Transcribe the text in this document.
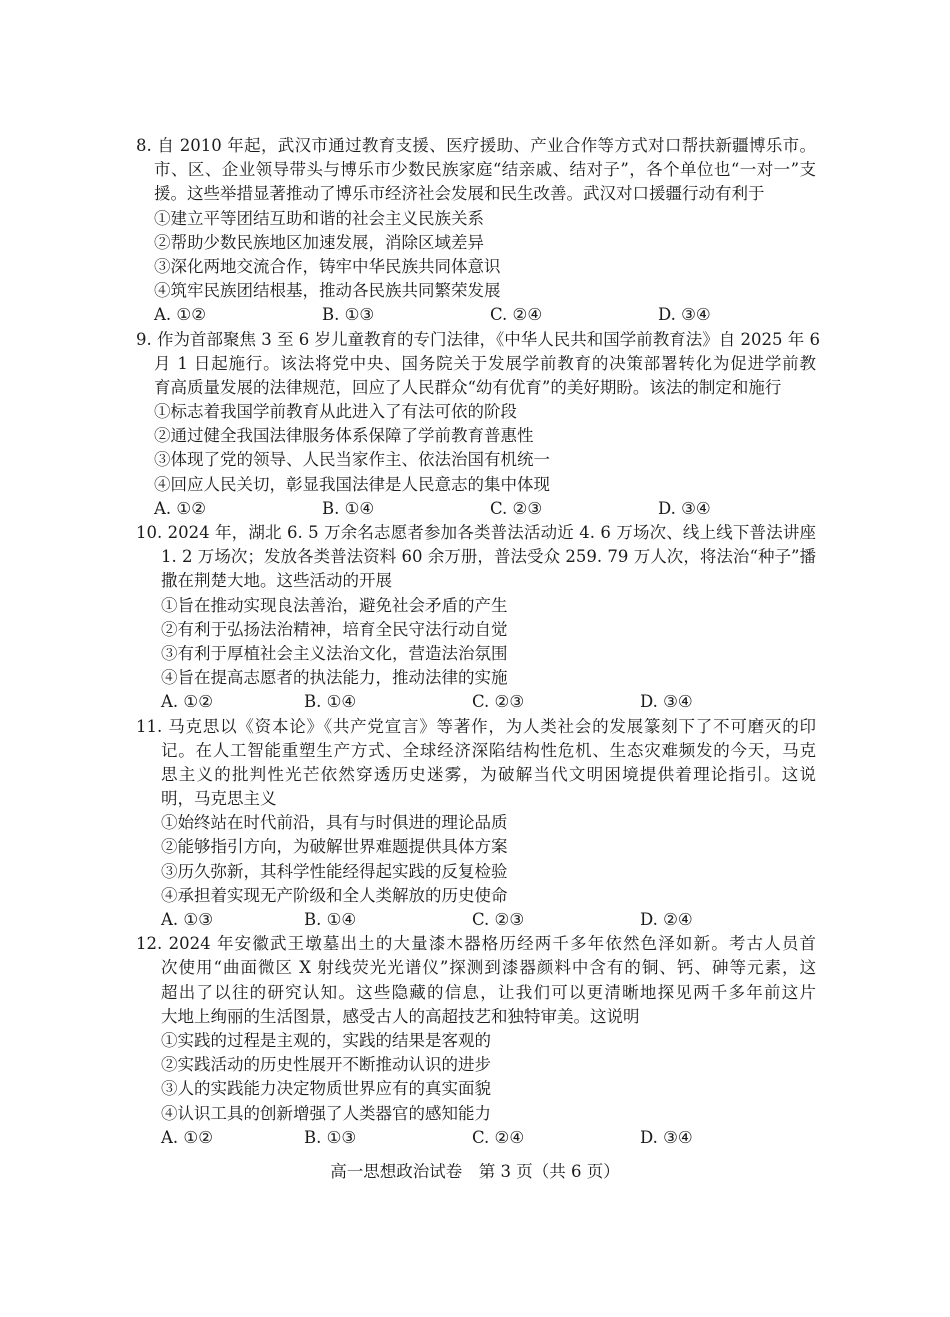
8. 自 2010 年起，武汉市通过教育支援、医疗援助、产业合作等方式对口帮扶新疆博乐市。
市、区、企业领导带头与博乐市少数民族家庭“结亲戚、结对子”，各个单位也“一对一”支
援。这些举措显著推动了博乐市经济社会发展和民生改善。武汉对口援疆行动有利于
①建立平等团结互助和谐的社会主义民族关系
②帮助少数民族地区加速发展，消除区域差异
③深化两地交流合作，铸牢中华民族共同体意识
④筑牢民族团结根基，推动各民族共同繁荣发展
A. ①②	B. ①③	C. ②④	D. ③④
9. 作为首部聚焦 3 至 6 岁儿童教育的专门法律，《中华人民共和国学前教育法》自 2025 年 6
月 1 日起施行。该法将党中央、国务院关于发展学前教育的决策部署转化为促进学前教
育高质量发展的法律规范，回应了人民群众“幼有优育”的美好期盼。该法的制定和施行
①标志着我国学前教育从此进入了有法可依的阶段
②通过健全我国法律服务体系保障了学前教育普惠性
③体现了党的领导、人民当家作主、依法治国有机统一
④回应人民关切，彰显我国法律是人民意志的集中体现
A. ①②	B. ①④	C. ②③	D. ③④
10. 2024 年，湖北 6. 5 万余名志愿者参加各类普法活动近 4. 6 万场次、线上线下普法讲座
1. 2 万场次；发放各类普法资料 60 余万册，普法受众 259. 79 万人次，将法治“种子”播
撒在荆楚大地。这些活动的开展
①旨在推动实现良法善治，避免社会矛盾的产生
②有利于弘扬法治精神，培育全民守法行动自觉
③有利于厚植社会主义法治文化，营造法治氛围
④旨在提高志愿者的执法能力，推动法律的实施
A. ①②	B. ①④	C. ②③	D. ③④
11. 马克思以《资本论》《共产党宣言》等著作，为人类社会的发展篆刻下了不可磨灭的印
记。在人工智能重塑生产方式、全球经济深陷结构性危机、生态灾难频发的今天，马克
思主义的批判性光芒依然穿透历史迷雾，为破解当代文明困境提供着理论指引。这说
明，马克思主义
①始终站在时代前沿，具有与时俱进的理论品质
②能够指引方向，为破解世界难题提供具体方案
③历久弥新，其科学性能经得起实践的反复检验
④承担着实现无产阶级和全人类解放的历史使命
A. ①③	B. ①④	C. ②③	D. ②④
12. 2024 年安徽武王墩墓出土的大量漆木器格历经两千多年依然色泽如新。考古人员首
次使用“曲面微区 X 射线荧光光谱仪”探测到漆器颜料中含有的铜、钙、砷等元素，这
超出了以往的研究认知。这些隐藏的信息，让我们可以更清晰地探见两千多年前这片
大地上绚丽的生活图景，感受古人的高超技艺和独特审美。这说明
①实践的过程是主观的，实践的结果是客观的
②实践活动的历史性展开不断推动认识的进步
③人的实践能力决定物质世界应有的真实面貌
④认识工具的创新增强了人类器官的感知能力
A. ①②	B. ①③	C. ②④	D. ③④
高一思想政治试卷　第 3 页（共 6 页）
